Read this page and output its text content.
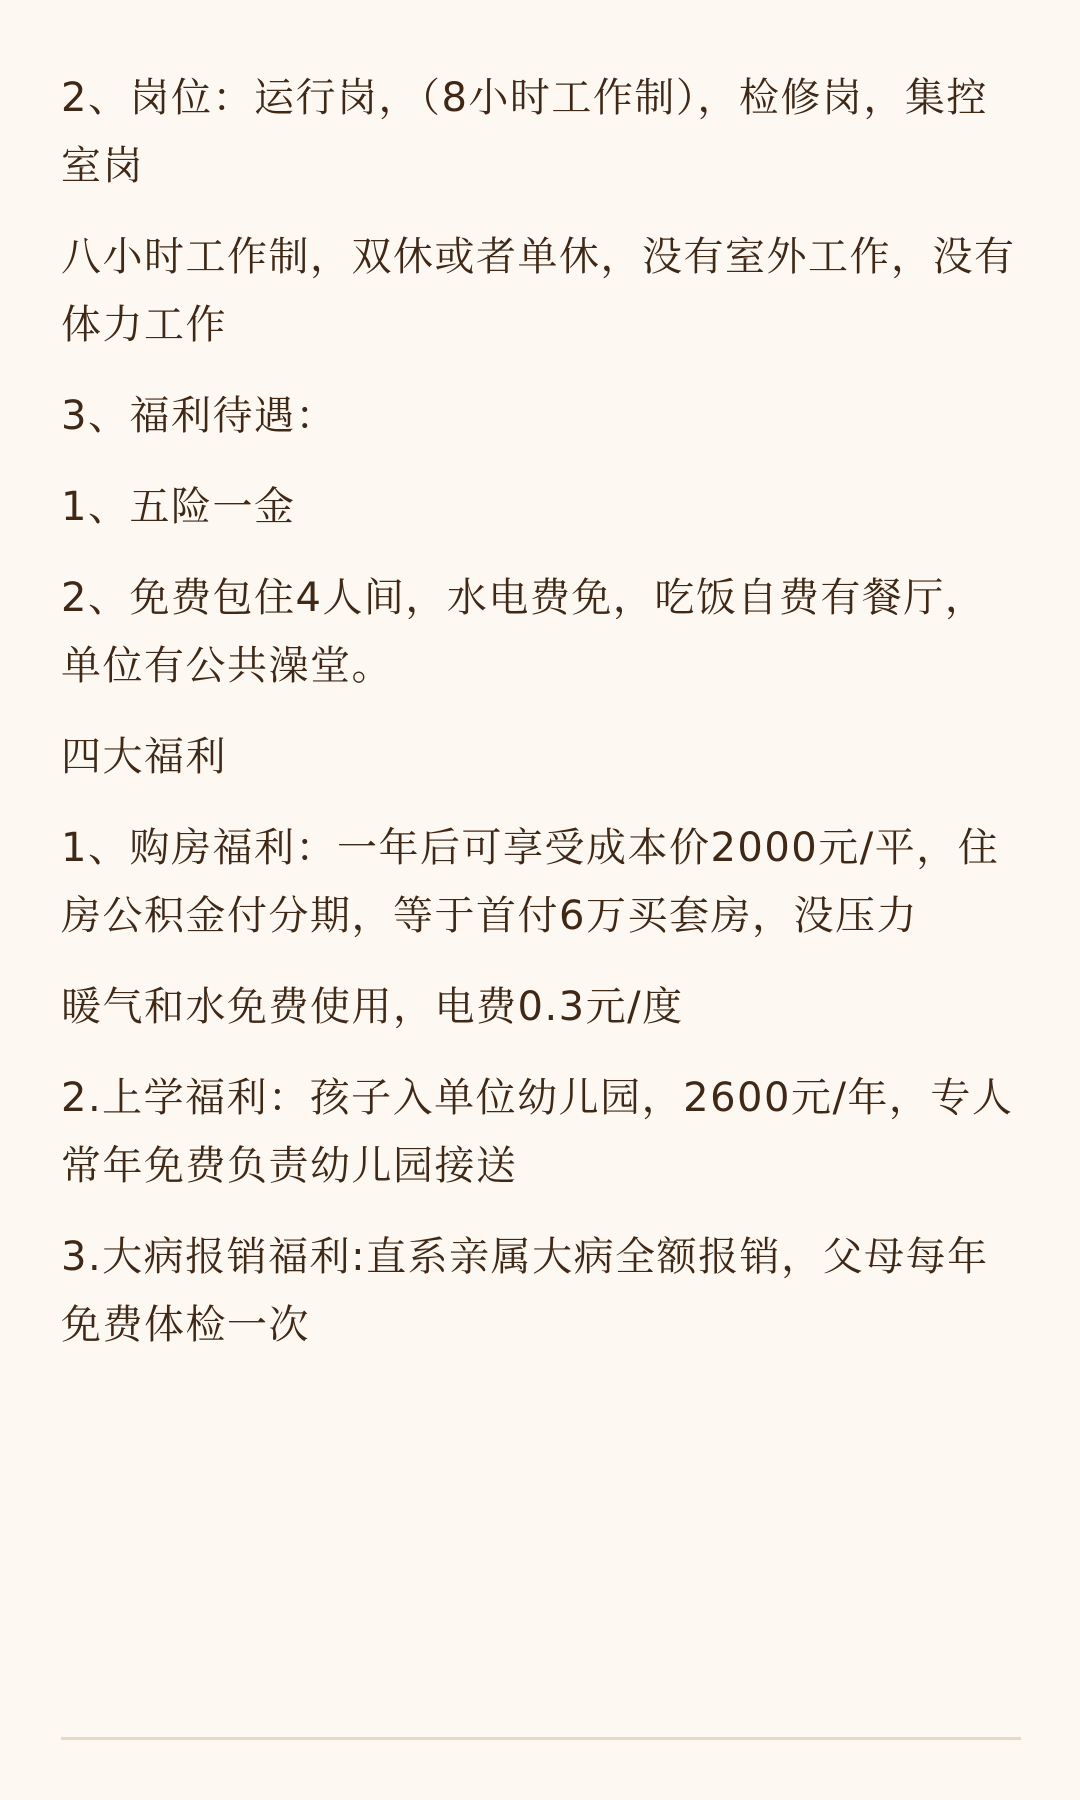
2、岗位：运行岗，（8小时工作制），检修岗，集控室岗

八小时工作制，双休或者单休，没有室外工作，没有体力工作

3、福利待遇：

1、五险一金

2、免费包住4人间，水电费免，吃饭自费有餐厅，单位有公共澡堂。

四大福利

1、购房福利：一年后可享受成本价2000元/平，住房公积金付分期，等于首付6万买套房，没压力

暖气和水免费使用，电费0.3元/度

2.上学福利：孩子入单位幼儿园，2600元/年，专人常年免费负责幼儿园接送

3.大病报销福利:直系亲属大病全额报销，父母每年免费体检一次
